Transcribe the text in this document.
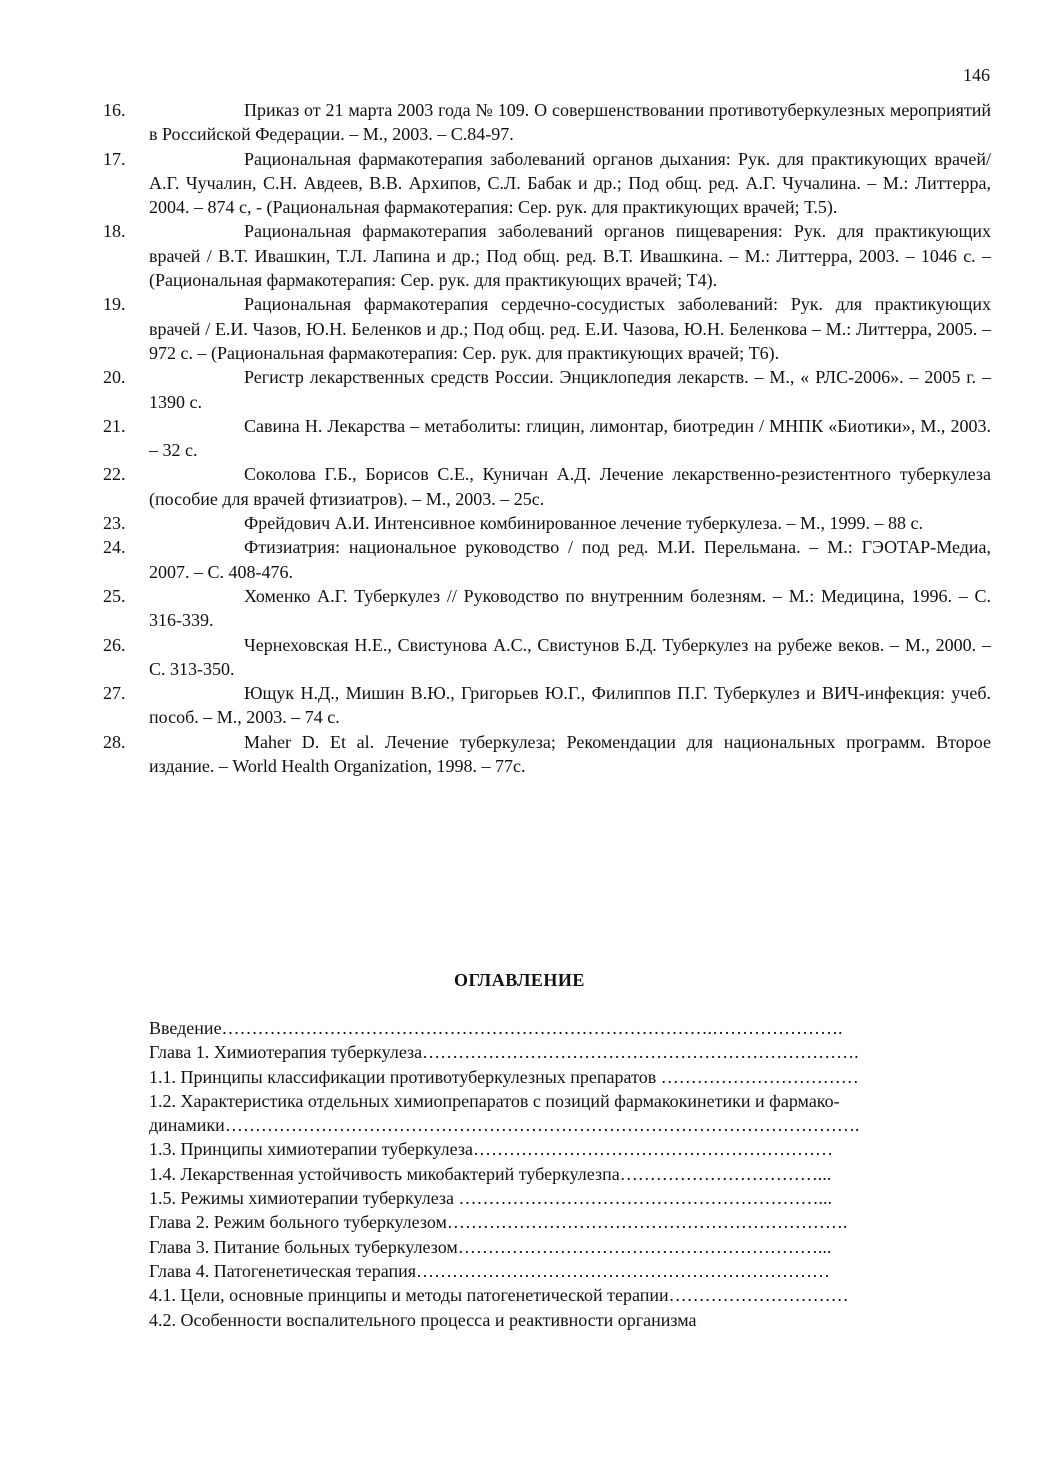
146
16.	Приказ от 21 марта 2003 года № 109. О совершенствовании противотуберкулезных мероприятий в Российской Федерации. – М., 2003. – С.84-97.
17.	Рациональная фармакотерапия заболеваний органов дыхания: Рук. для практикующих врачей/ А.Г. Чучалин, С.Н. Авдеев, В.В. Архипов, С.Л. Бабак и др.; Под общ. ред. А.Г. Чучалина. – М.: Литтерра, 2004. – 874 с, - (Рациональная фармакотерапия: Сер. рук. для практикующих врачей; Т.5).
18.	Рациональная фармакотерапия заболеваний органов пищеварения: Рук. для практикующих врачей / В.Т. Ивашкин, Т.Л. Лапина и др.; Под общ. ред. В.Т. Ивашкина. – М.: Литтерра, 2003. – 1046 с. – (Рациональная фармакотерапия: Сер. рук. для практикующих врачей; Т4).
19.	Рациональная фармакотерапия сердечно-сосудистых заболеваний: Рук. для практикующих врачей / Е.И. Чазов, Ю.Н. Беленков и др.; Под общ. ред. Е.И. Чазова, Ю.Н. Беленкова – М.: Литтерра, 2005. – 972 с. – (Рациональная фармакотерапия: Сер. рук. для практикующих врачей; Т6).
20.	Регистр лекарственных средств России. Энциклопедия лекарств. – М., « РЛС-2006». – 2005 г. – 1390 с.
21.	Савина Н. Лекарства – метаболиты: глицин, лимонтар, биотредин / МНПК «Биотики», М., 2003. – 32 с.
22.	Соколова Г.Б., Борисов С.Е., Куничан А.Д. Лечение лекарственно-резистентного туберкулеза (пособие для врачей фтизиатров). – М., 2003. – 25с.
23.	Фрейдович А.И. Интенсивное комбинированное лечение туберкулеза. – М., 1999. – 88 с.
24.	Фтизиатрия: национальное руководство / под ред. М.И. Перельмана. – М.: ГЭОТАР-Медиа, 2007. – С. 408-476.
25.	Хоменко А.Г. Туберкулез // Руководство по внутренним болезням. – М.: Медицина, 1996. – С. 316-339.
26.	Чернеховская Н.Е., Свистунова А.С., Свистунов Б.Д. Туберкулез на рубеже веков. – М., 2000. – С. 313-350.
27.	Ющук Н.Д., Мишин В.Ю., Григорьев Ю.Г., Филиппов П.Г. Туберкулез и ВИЧ-инфекция: учеб. пособ. – М., 2003. – 74 с.
28.	Maher D. Et al. Лечение туберкулеза; Рекомендации для национальных программ. Второе издание. – World Health Organization, 1998. – 77с.
ОГЛАВЛЕНИЕ
Введение……………………………………………………………………….………………….
Глава 1. Химиотерапия туберкулеза……………………………………………………………….
1.1. Принципы классификации противотуберкулезных препаратов ……………………………
1.2. Характеристика отдельных химиопрепаратов с позиций фармакокинетики и фармако-
динамики…………………………………………………………………………………………….
1.3. Принципы химиотерапии туберкулеза……………………………………………………
1.4. Лекарственная устойчивость микобактерий туберкулезпа……………………………...
1.5. Режимы химиотерапии туберкулеза ……………………………………………………...
Глава 2. Режим больного туберкулезом………………………………………………………….
Глава 3. Питание больных туберкулезом……………………………………………………...
Глава 4. Патогенетическая терапия……………………………………………………………
4.1. Цели, основные принципы и методы патогенетической терапии…………………………
4.2. Особенности воспалительного процесса и реактивности организма
